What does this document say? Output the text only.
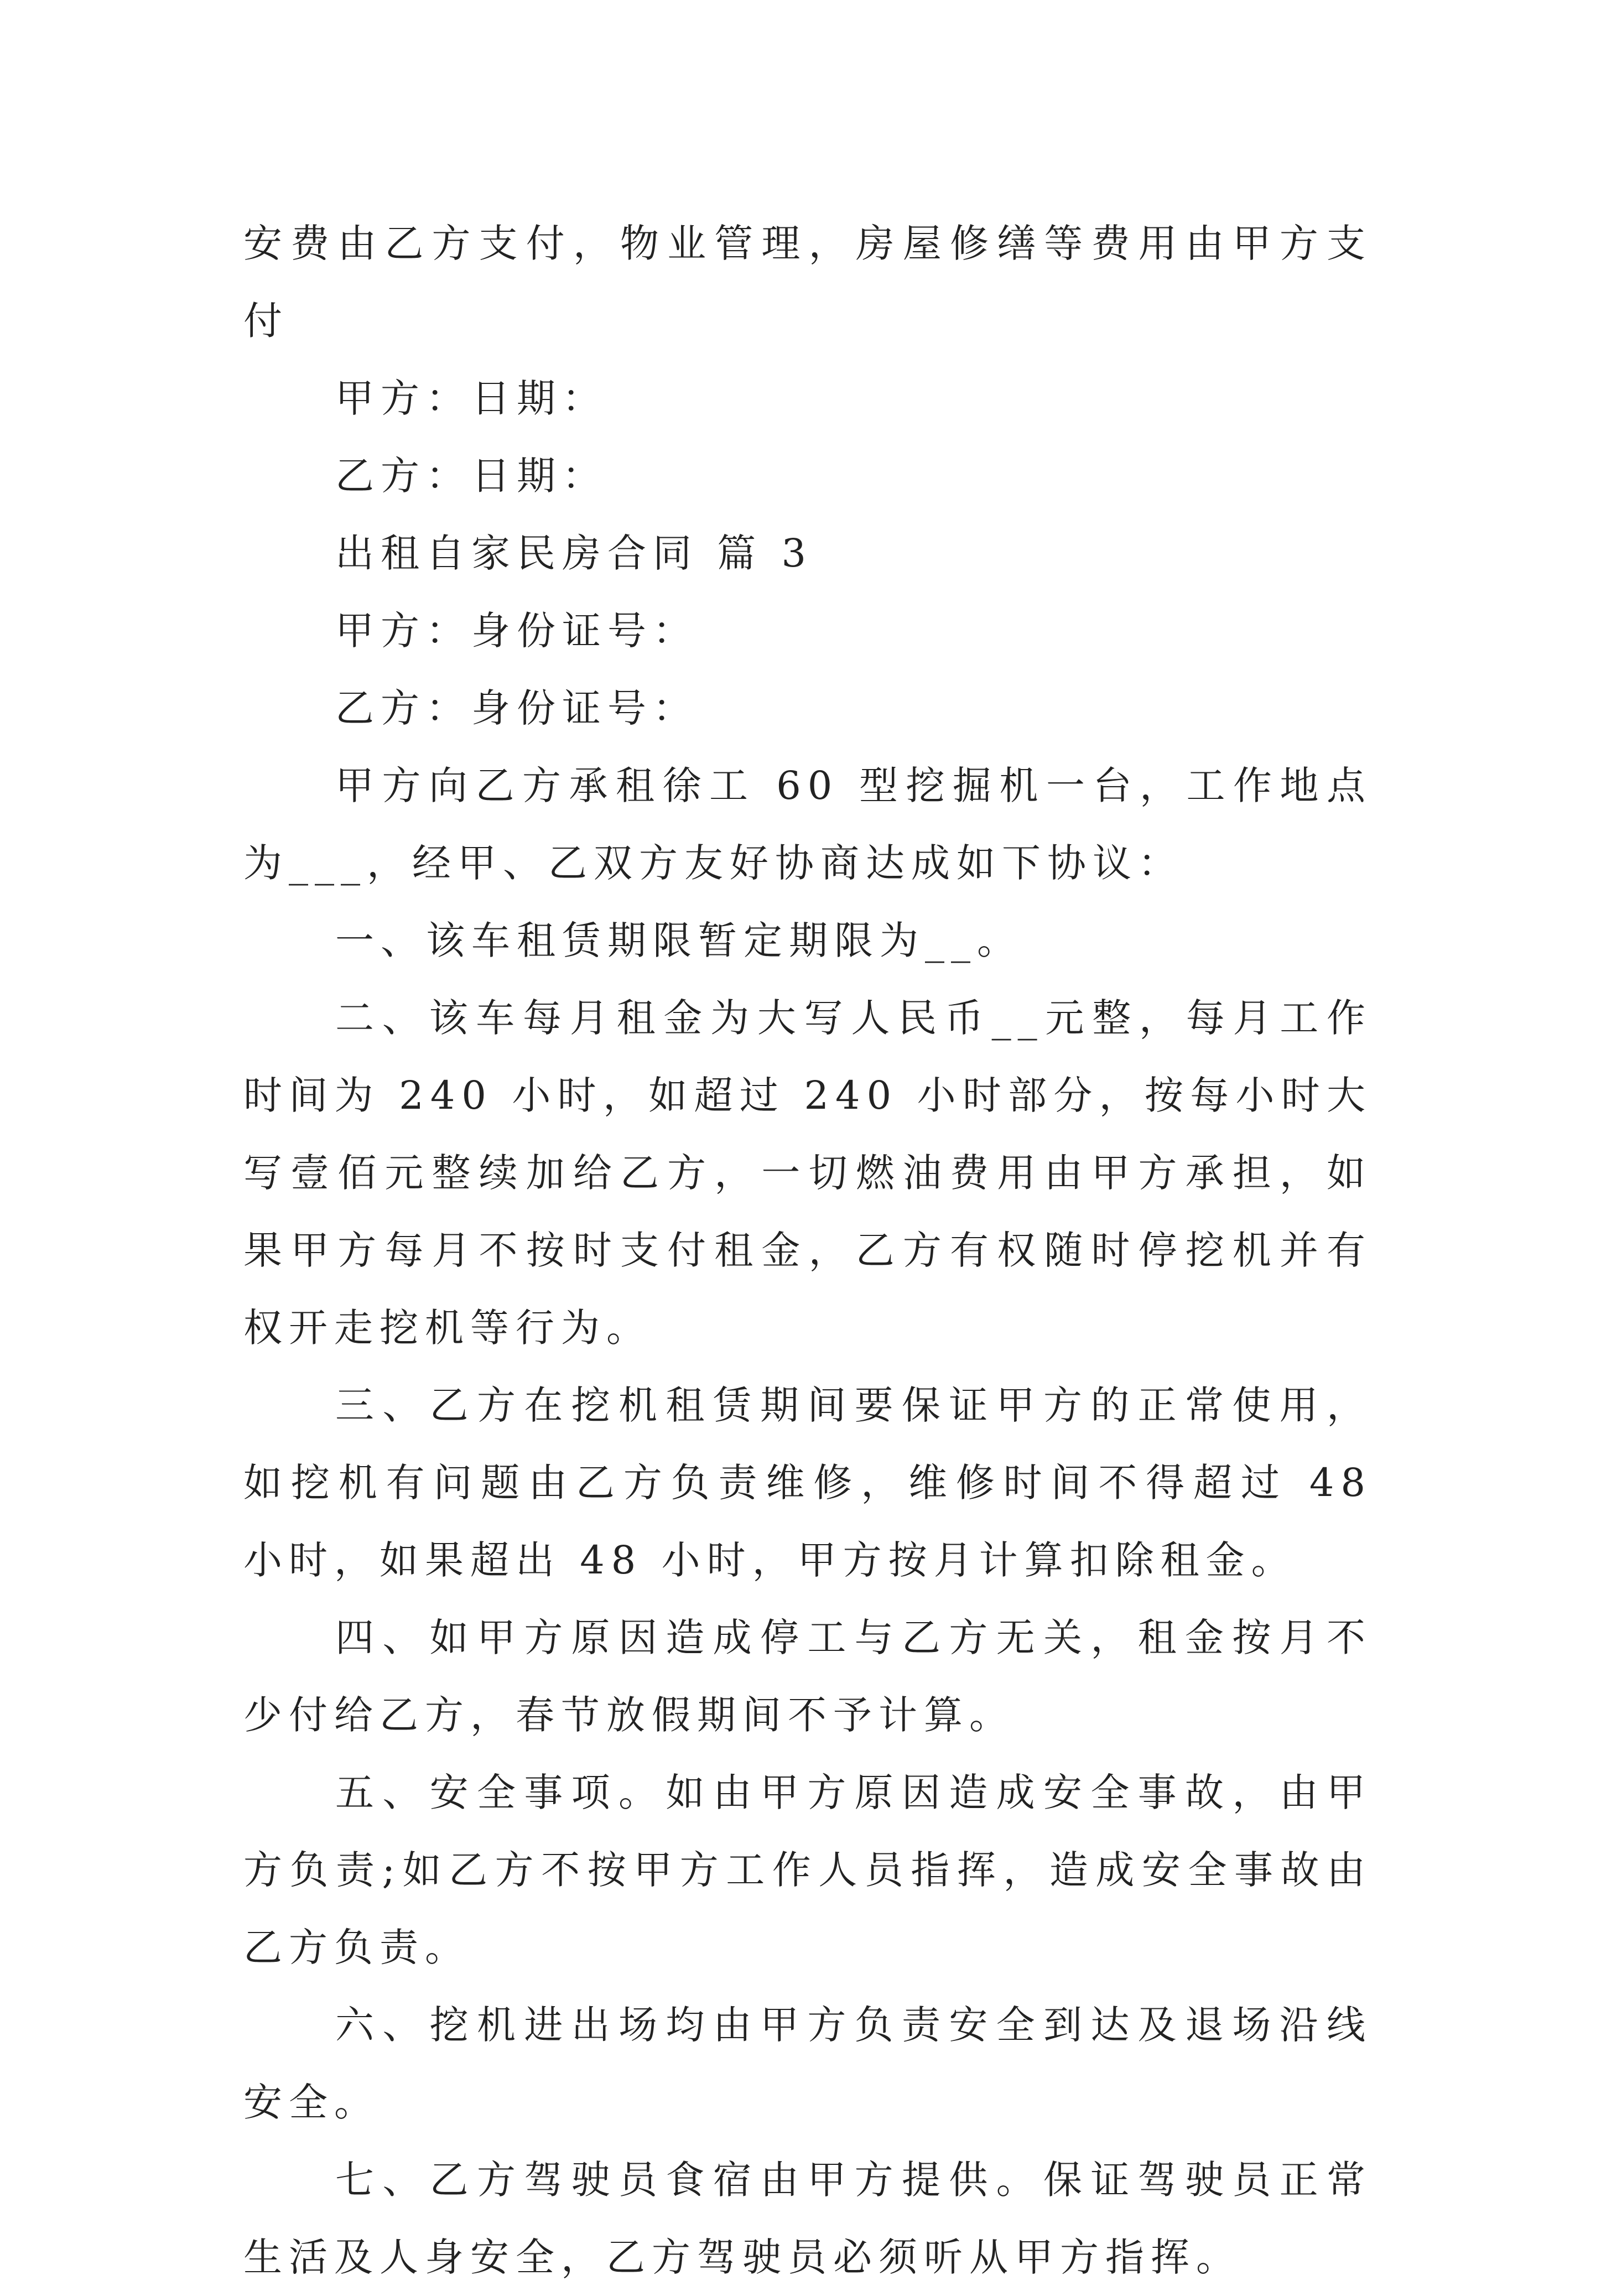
安费由乙方支付，物业管理，房屋修缮等费用由甲方支付

甲方：日期：

乙方：日期：

出租自家民房合同 篇 3

甲方：身份证号：

乙方：身份证号：

甲方向乙方承租徐工 60 型挖掘机一台，工作地点为___，经甲、乙双方友好协商达成如下协议：

一、该车租赁期限暂定期限为__。

二、该车每月租金为大写人民币__元整，每月工作时间为 240 小时，如超过 240 小时部分，按每小时大写壹佰元整续加给乙方，一切燃油费用由甲方承担，如果甲方每月不按时支付租金，乙方有权随时停挖机并有权开走挖机等行为。

三、乙方在挖机租赁期间要保证甲方的正常使用，如挖机有问题由乙方负责维修，维修时间不得超过 48 小时，如果超出 48 小时，甲方按月计算扣除租金。

四、如甲方原因造成停工与乙方无关，租金按月不少付给乙方，春节放假期间不予计算。

五、安全事项。如由甲方原因造成安全事故，由甲方负责;如乙方不按甲方工作人员指挥，造成安全事故由乙方负责。

六、挖机进出场均由甲方负责安全到达及退场沿线安全。

七、乙方驾驶员食宿由甲方提供。保证驾驶员正常生活及人身安全，乙方驾驶员必须听从甲方指挥。
